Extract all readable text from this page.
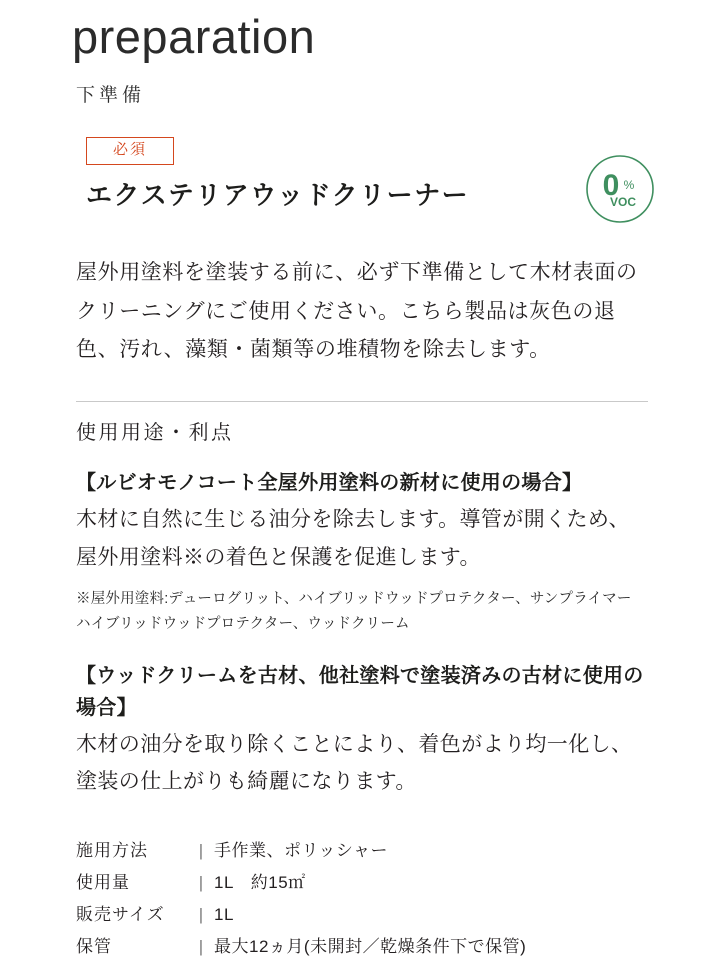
preparation
下準備
必須
エクステリアウッドクリーナー	0 %
VOC

屋外用塗料を塗装する前に、必ず下準備として木材表面のクリーニングにご使用ください。こちら製品は灰色の退色、汚れ、藻類・菌類等の堆積物を除去します。

使用用途・利点
【ルビオモノコート全屋外用塗料の新材に使用の場合】
木材に自然に生じる油分を除去します。導管が開くため、屋外用塗料※の着色と保護を促進します。
※屋外用塗料:デューログリット、ハイブリッドウッドプロテクター、サンプライマーハイブリッドウッドプロテクター、ウッドクリーム
【ウッドクリームを古材、他社塗料で塗装済みの古材に使用の場合】
木材の油分を取り除くことにより、着色がより均一化し、塗装の仕上がりも綺麗になります。
施用方法	|	手作業、ポリッシャー
使用量	|	1L　約15㎡
販売サイズ	|	1L
保管	|	最大12ヵ月(未開封／乾燥条件下で保管)
